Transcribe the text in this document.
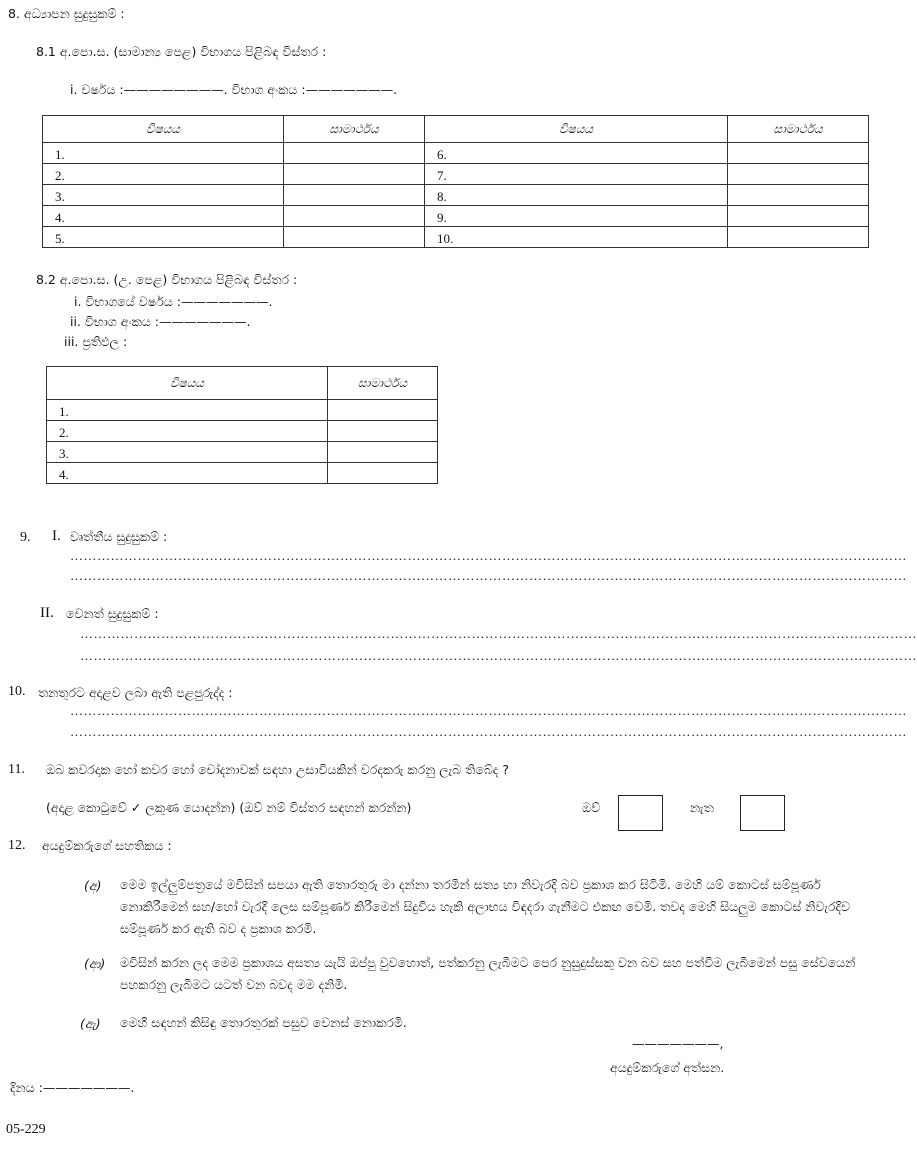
8. අධ්‍යාපන සුදුසුකම් :
8.1 අ.පො.ස. (සාමාන්‍ය පෙළ) විභාගය පිළිබඳ විස්තර :
i. වර්ෂය :————————. විභාග අංකය :———————.
විෂයය	සාමාර්ථය	විෂයය	සාමාර්ථය
1.		6.	
2.		7.	
3.		8.	
4.		9.	
5.		10.	
8.2 අ.පො.ස. (උ. පෙළ) විභාගය පිළිබඳ විස්තර :
i. විභාගයේ වර්ෂය :———————.
ii. විභාග අංකය :———————.
iii. ප්‍රතිඵල :
විෂයය	සාමාර්ථය
1.	
2.	
3.	
4.	
9. I. වෘත්තීය සුදුසුකම් :
……………………………………………………………………………………………………………………………………………………………………
……………………………………………………………………………………………………………………………………………………………………
II. වෙනත් සුදුසුකම් :
……………………………………………………………………………………………………………………………………………………………………
……………………………………………………………………………………………………………………………………………………………………
10. තනතුරට අදාළව ලබා ඇති පළපුරුද්ද :
……………………………………………………………………………………………………………………………………………………………………
……………………………………………………………………………………………………………………………………………………………………
11. ඔබ කවරදාක හෝ කවර හෝ චෝදනාවක් සඳහා උසාවියකින් වරදකරු කරනු ලැබ තිබේද ?
(අදාළ කොටුවේ ✓ ලකුණ යොදන්න) (ඔව් නම් විස්තර සඳහන් කරන්න)	ඔව්	නැත
12. අයදුම්කරුගේ සහතිකය :
(අ) මෙම ඉල්ලුම්පත්‍රයේ මවිසින් සපයා ඇති තොරතුරු මා දන්නා තරමින් සත්‍ය හා නිවැරදි බව ප්‍රකාශ කර සිටිමි. මෙහි යම් කොටස් සම්පූර්ණ නොකිරීමෙන් සහ/හෝ වැරදි ලෙස සම්පූර්ණ කිරීමෙන් සිදුවිය හැකි අලාභය විඳදරා ගැනීමට එකඟ වෙමි. තවද මෙහි සියලුම කොටස් නිවැරදිව සම්පූර්ණ කර ඇති බව ද ප්‍රකාශ කරමි.
(ආ) මවිසින් කරන ලද මෙම ප්‍රකාශය අසත්‍ය යැයි ඔප්පු වුවහොත්, පත්කරනු ලැබීමට පෙර නුසුදුස්සකු වන බව සහ පත්වීම ලැබීමෙන් පසු සේවයෙන් පහකරනු ලැබීමට යටත් වන බවද මම දනිමි.
(ඇ) මෙහි සඳහන් කිසිඳු තොරතුරක් පසුව වෙනස් නොකරමි.
———————,
අයදුම්කරුගේ අත්සන.
දිනය :———————.
05-229
